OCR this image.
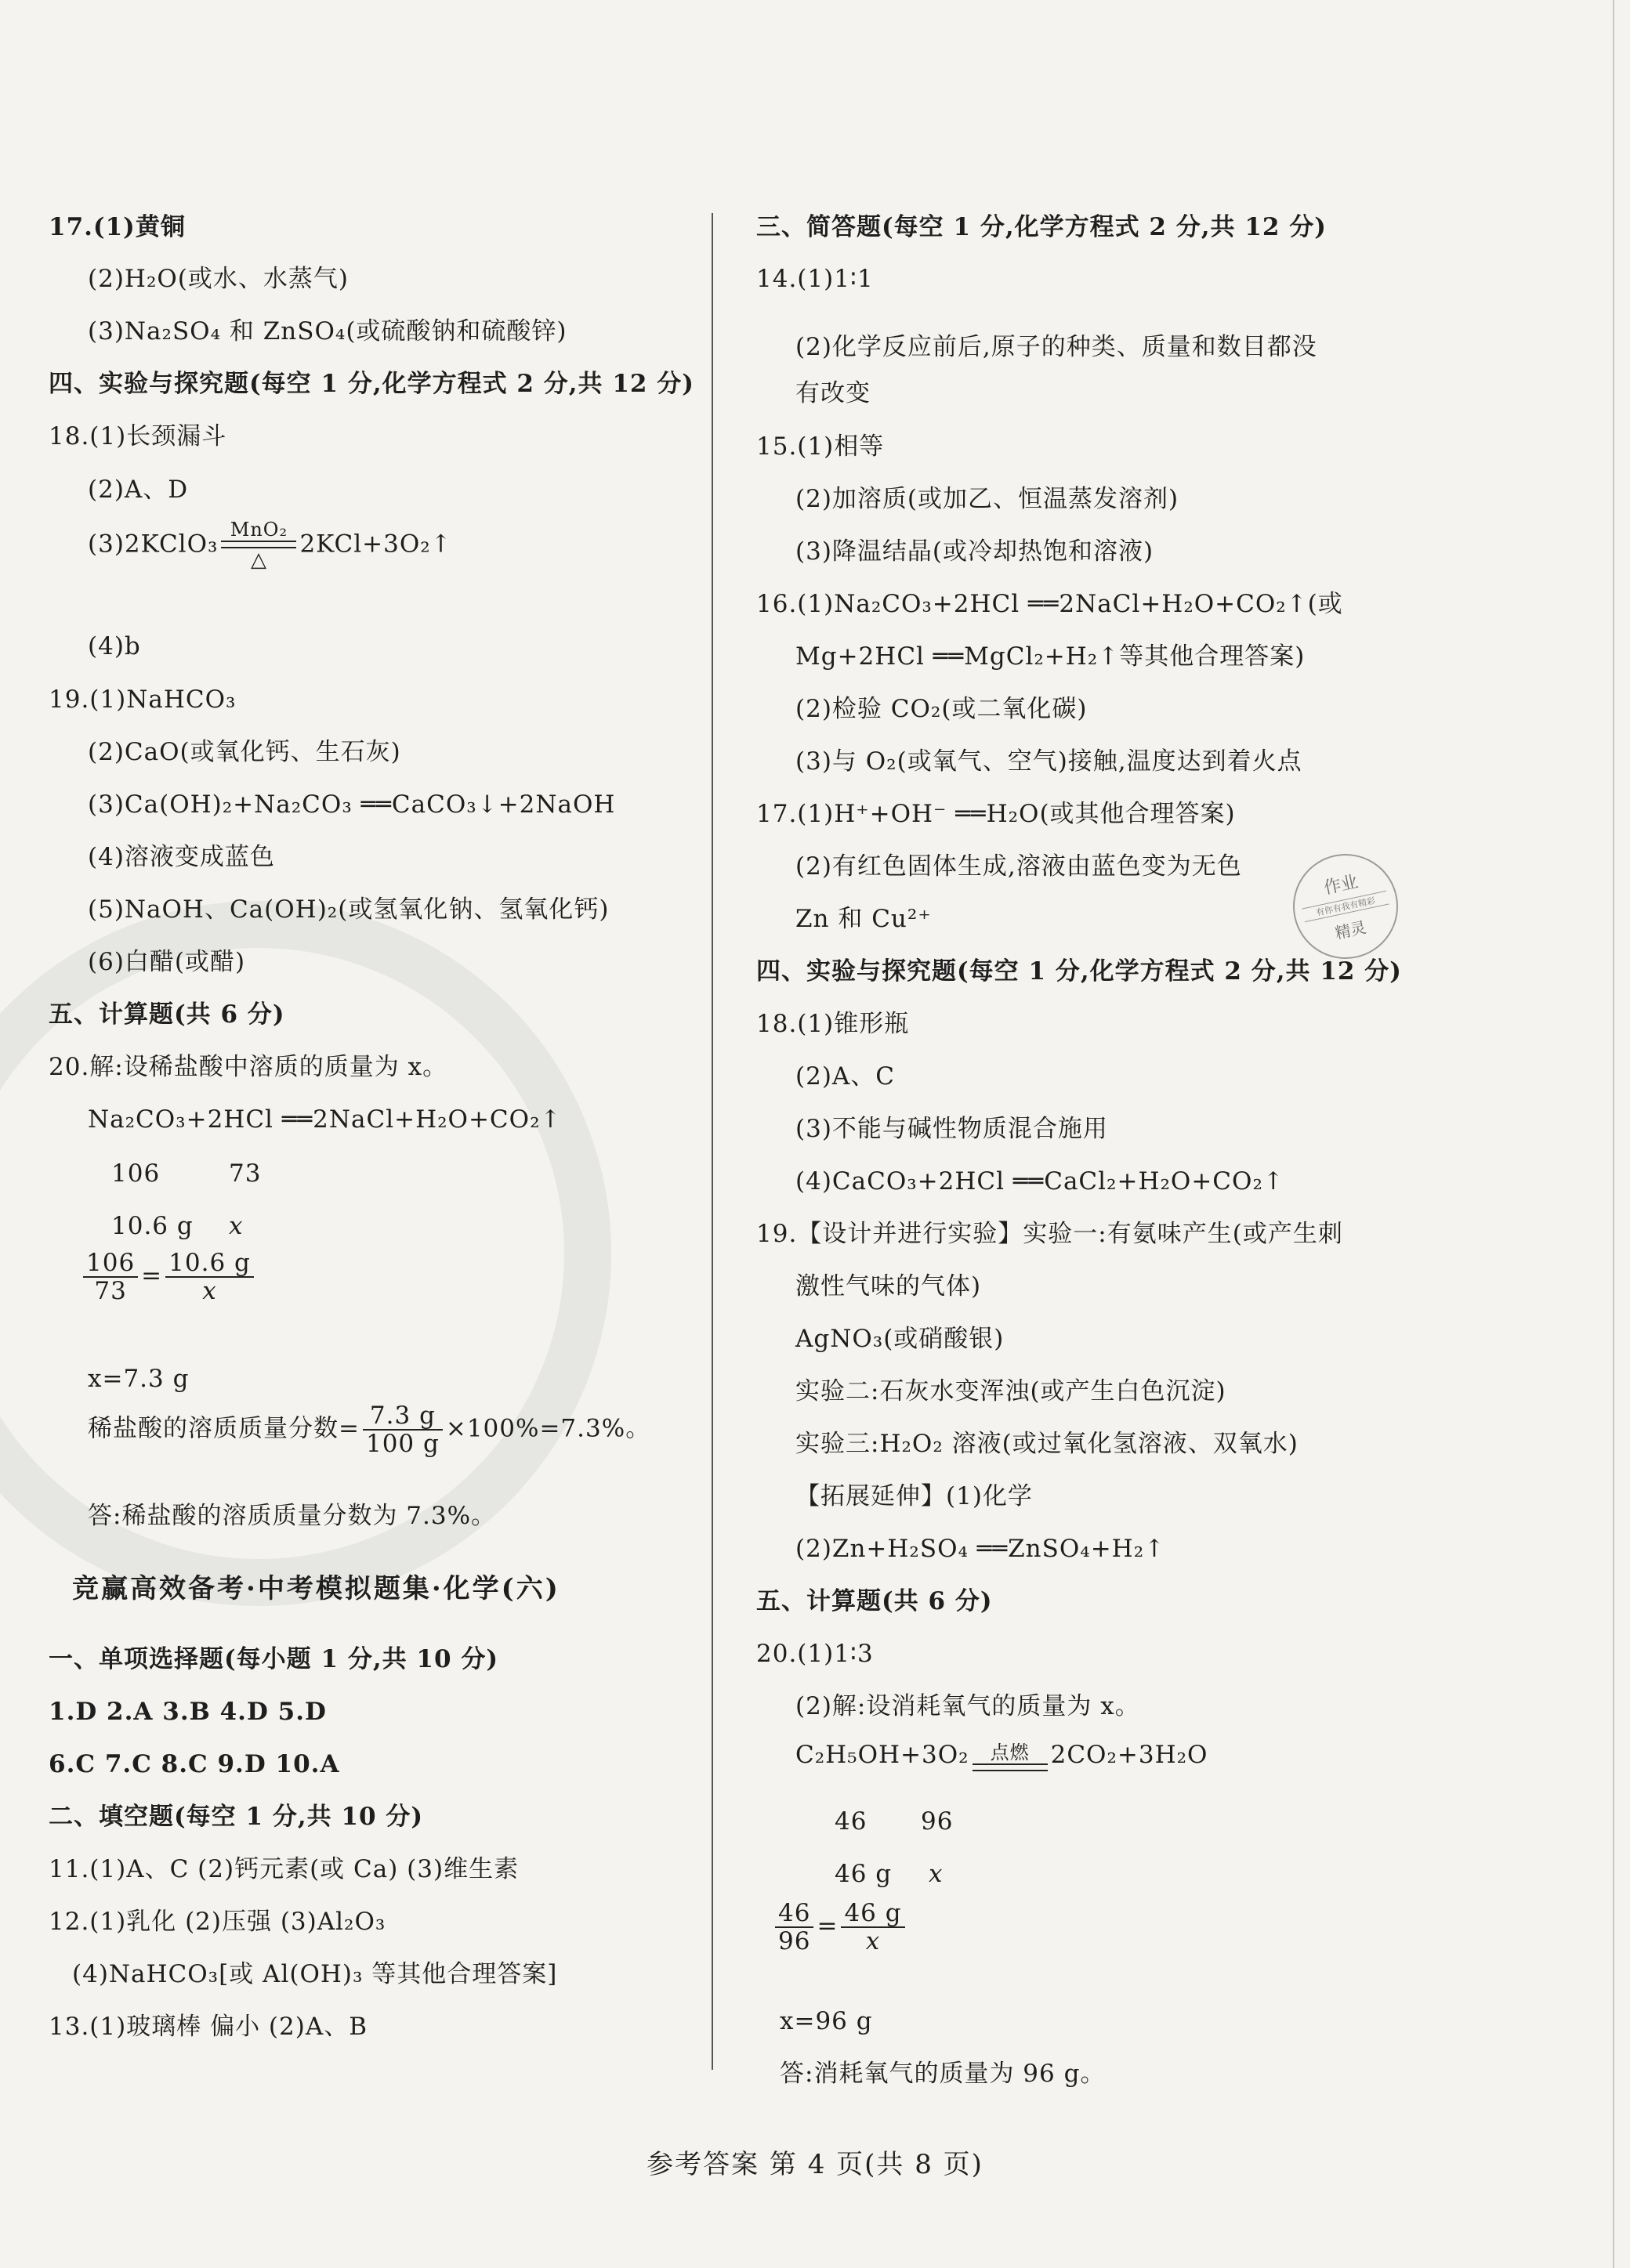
17.(1)黄铜
(2)H₂O(或水、水蒸气)
(3)Na₂SO₄ 和 ZnSO₄(或硫酸钠和硫酸锌)
四、实验与探究题(每空 1 分,化学方程式 2 分,共 12 分)
18.(1)长颈漏斗
(2)A、D
(3)2KClO₃
MnO₂
△
2KCl+3O₂↑
(4)b
19.(1)NaHCO₃
(2)CaO(或氧化钙、生石灰)
(3)Ca(OH)₂+Na₂CO₃ ══CaCO₃↓+2NaOH
(4)溶液变成蓝色
(5)NaOH、Ca(OH)₂(或氢氧化钠、氢氧化钙)
(6)白醋(或醋)
五、计算题(共 6 分)
20.解:设稀盐酸中溶质的质量为 x。
Na₂CO₃+2HCl ══2NaCl+H₂O+CO₂↑
106	73
10.6 g x
$\frac{106}{73} = \frac{10.6 g}{x}$
x=7.3 g
稀盐酸的溶质质量分数= $\frac{7.3 g}{100 g} \times 100\%=7.3\%$。
答:稀盐酸的溶质质量分数为 7.3%。
竞赢高效备考·中考模拟题集·化学(六)
一、单项选择题(每小题 1 分,共 10 分)
1.D 2.A 3.B 4.D 5.D
6.C 7.C 8.C 9.D 10.A
二、填空题(每空 1 分,共 10 分)
11.(1)A、C (2)钙元素(或 Ca) (3)维生素
12.(1)乳化 (2)压强 (3)Al₂O₃
(4)NaHCO₃[或 Al(OH)₃ 等其他合理答案]
13.(1)玻璃棒 偏小 (2)A、B
三、简答题(每空 1 分,化学方程式 2 分,共 12 分)
14.(1)1∶1
(2)化学反应前后,原子的种类、质量和数目都没
有改变
15.(1)相等
(2)加溶质(或加乙、恒温蒸发溶剂)
(3)降温结晶(或冷却热饱和溶液)
16.(1)Na₂CO₃+2HCl ══2NaCl+H₂O+CO₂↑(或
Mg+2HCl ══MgCl₂+H₂↑等其他合理答案)
(2)检验 CO₂(或二氧化碳)
(3)与 O₂(或氧气、空气)接触,温度达到着火点
17.(1)H⁺+OH⁻ ══H₂O(或其他合理答案)
(2)有红色固体生成,溶液由蓝色变为无色
Zn 和 Cu²⁺
四、实验与探究题(每空 1 分,化学方程式 2 分,共 12 分)
18.(1)锥形瓶
(2)A、C
(3)不能与碱性物质混合施用
(4)CaCO₃+2HCl ══CaCl₂+H₂O+CO₂↑
19.【设计并进行实验】实验一:有氨味产生(或产生刺
激性气味的气体)
AgNO₃(或硝酸银)
实验二:石灰水变浑浊(或产生白色沉淀)
实验三:H₂O₂ 溶液(或过氧化氢溶液、双氧水)
【拓展延伸】(1)化学
(2)Zn+H₂SO₄ ══ZnSO₄+H₂↑
五、计算题(共 6 分)
20.(1)1∶3
(2)解:设消耗氧气的质量为 x。
C₂H₅OH+3O₂	点燃 2CO₂+3H₂O
46 96
46 g x
$\frac{46}{96} = \frac{46 g}{x}$
x=96 g
答:消耗氧气的质量为 96 g。
作业
有你有我有精彩
精灵
参考答案 第 4 页(共 8 页)
